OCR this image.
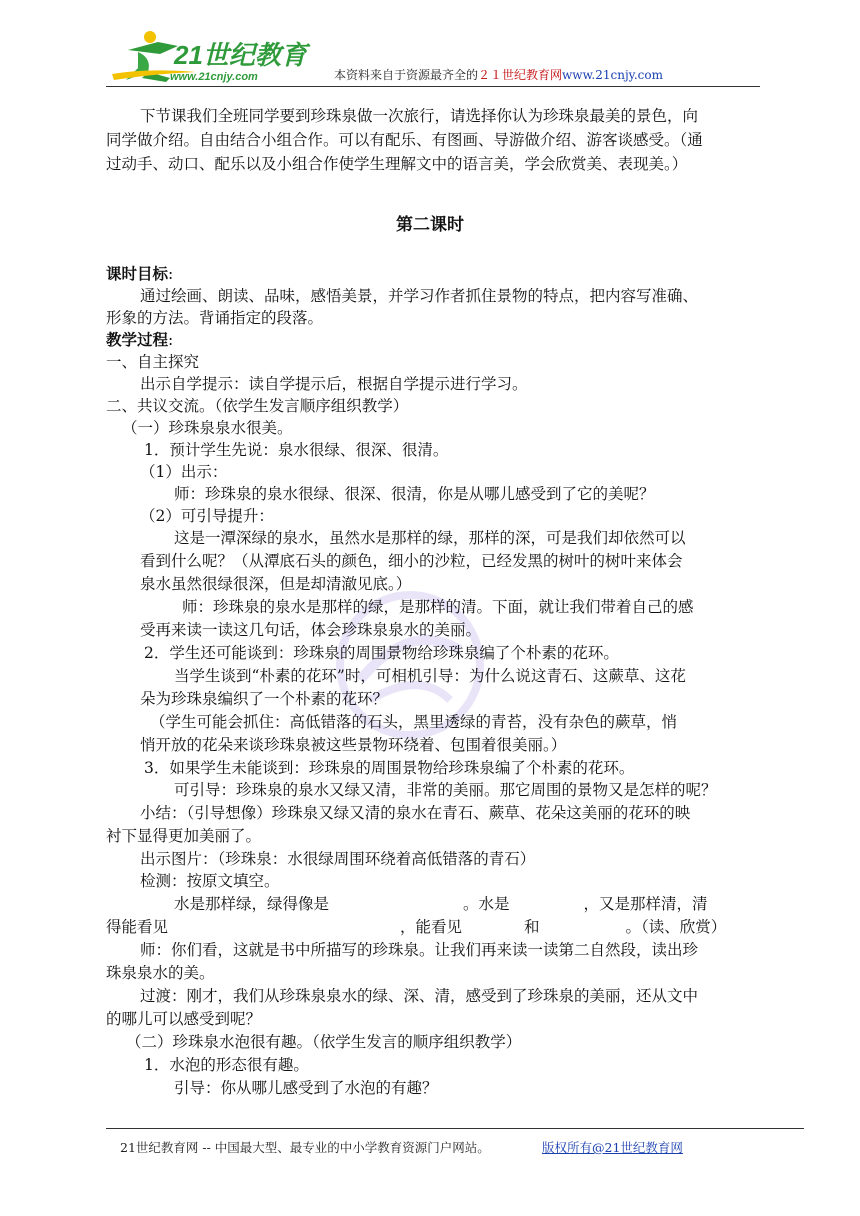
21世纪教育
www.21cnjy.com	本资料来自于资源最齐全的２１世纪教育网www.21cnjy.com
下节课我们全班同学要到珍珠泉做一次旅行，请选择你认为珍珠泉最美的景色，向
同学做介绍。自由结合小组合作。可以有配乐、有图画、导游做介绍、游客谈感受。（通
过动手、动口、配乐以及小组合作使学生理解文中的语言美，学会欣赏美、表现美。）
第二课时
课时目标:
通过绘画、朗读、品味，感悟美景，并学习作者抓住景物的特点，把内容写准确、
形象的方法。背诵指定的段落。
教学过程:
一、自主探究
出示自学提示：读自学提示后，根据自学提示进行学习。
二、共议交流。（依学生发言顺序组织教学）
（一）珍珠泉泉水很美。
1．预计学生先说：泉水很绿、很深、很清。
（1）出示：
师：珍珠泉的泉水很绿、很深、很清，你是从哪儿感受到了它的美呢？
（2）可引导提升：
这是一潭深绿的泉水，虽然水是那样的绿，那样的深，可是我们却依然可以
看到什么呢？（从潭底石头的颜色，细小的沙粒，已经发黑的树叶的树叶来体会
泉水虽然很绿很深，但是却清澈见底。）
师：珍珠泉的泉水是那样的绿，是那样的清。下面，就让我们带着自己的感
受再来读一读这几句话，体会珍珠泉泉水的美丽。
2．学生还可能谈到：珍珠泉的周围景物给珍珠泉编了个朴素的花环。
当学生谈到“朴素的花环”时，可相机引导：为什么说这青石、这蕨草、这花
朵为珍珠泉编织了一个朴素的花环？
（学生可能会抓住：高低错落的石头，黑里透绿的青苔，没有杂色的蕨草，悄
悄开放的花朵来谈珍珠泉被这些景物环绕着、包围着很美丽。）
3．如果学生未能谈到：珍珠泉的周围景物给珍珠泉编了个朴素的花环。
可引导：珍珠泉的泉水又绿又清，非常的美丽。那它周围的景物又是怎样的呢？
小结：（引导想像）珍珠泉又绿又清的泉水在青石、蕨草、花朵这美丽的花环的映
衬下显得更加美丽了。
出示图片：（珍珠泉：水很绿周围环绕着高低错落的青石）
检测：按原文填空。
水是那样绿，绿得像是	。水是	，又是那样清，清
得能看见	，能看见	和	。（读、欣赏）
师：你们看，这就是书中所描写的珍珠泉。让我们再来读一读第二自然段，读出珍
珠泉泉水的美。
过渡：刚才，我们从珍珠泉泉水的绿、深、清，感受到了珍珠泉的美丽，还从文中
的哪儿可以感受到呢？
（二）珍珠泉水泡很有趣。（依学生发言的顺序组织教学）
1．水泡的形态很有趣。
引导：你从哪儿感受到了水泡的有趣？
21世纪教育网 -- 中国最大型、最专业的中小学教育资源门户网站。	版权所有@21世纪教育网
